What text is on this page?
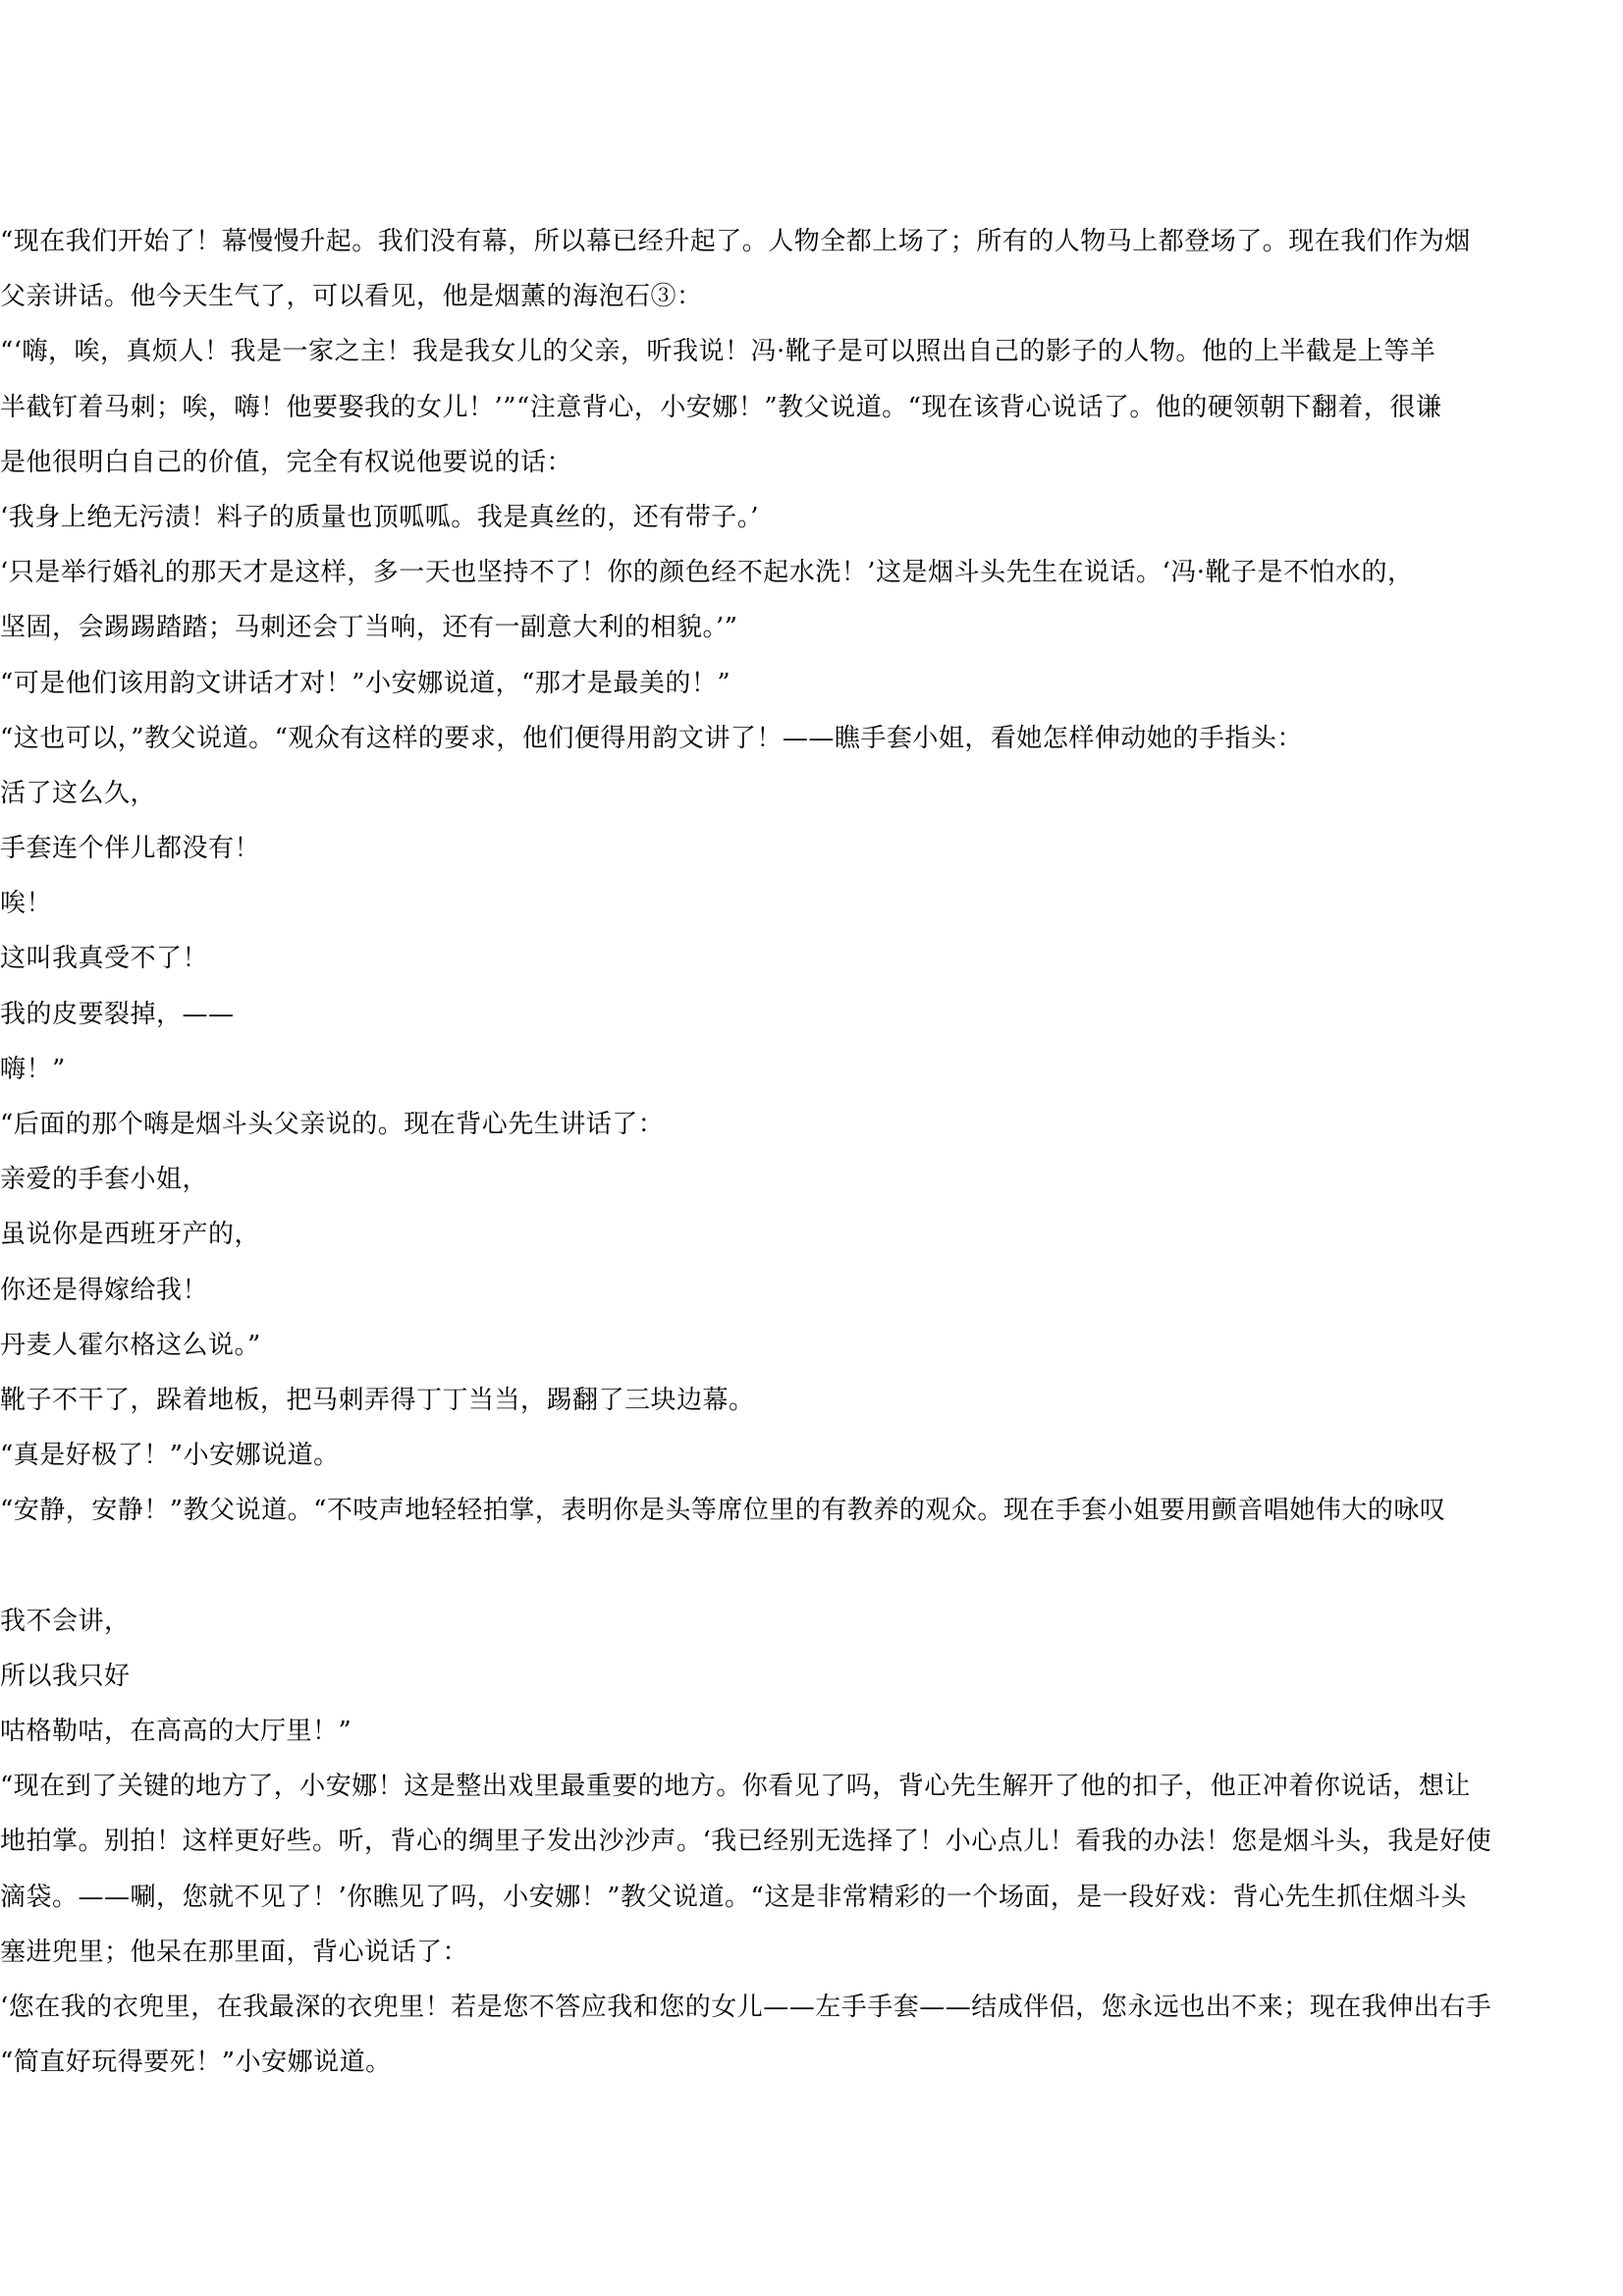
“现在我们开始了！幕慢慢升起。我们没有幕，所以幕已经升起了。人物全都上场了；所有的人物马上都登场了。现在我们作为烟
父亲讲话。他今天生气了，可以看见，他是烟薰的海泡石③：
“‘嗨，唉，真烦人！我是一家之主！我是我女儿的父亲，听我说！冯·靴子是可以照出自己的影子的人物。他的上半截是上等羊
半截钉着马刺；唉，嗨！他要娶我的女儿！’”“注意背心，小安娜！”教父说道。“现在该背心说话了。他的硬领朝下翻着，很谦
是他很明白自己的价值，完全有权说他要说的话：
‘我身上绝无污渍！料子的质量也顶呱呱。我是真丝的，还有带子。’
‘只是举行婚礼的那天才是这样，多一天也坚持不了！你的颜色经不起水洗！’这是烟斗头先生在说话。‘冯·靴子是不怕水的，
坚固，会踢踢踏踏；马刺还会丁当响，还有一副意大利的相貌。’”
“可是他们该用韵文讲话才对！”小安娜说道，“那才是最美的！”
“这也可以，”教父说道。“观众有这样的要求，他们便得用韵文讲了！——瞧手套小姐，看她怎样伸动她的手指头：
活了这么久，
手套连个伴儿都没有！
唉！
这叫我真受不了！
我的皮要裂掉，——
嗨！”
“后面的那个嗨是烟斗头父亲说的。现在背心先生讲话了：
亲爱的手套小姐，
虽说你是西班牙产的，
你还是得嫁给我！
丹麦人霍尔格这么说。”
靴子不干了，跺着地板，把马刺弄得丁丁当当，踢翻了三块边幕。
“真是好极了！”小安娜说道。
“安静，安静！”教父说道。“不吱声地轻轻拍掌，表明你是头等席位里的有教养的观众。现在手套小姐要用颤音唱她伟大的咏叹
我不会讲，
所以我只好
咕格勒咕，在高高的大厅里！”
“现在到了关键的地方了，小安娜！这是整出戏里最重要的地方。你看见了吗，背心先生解开了他的扣子，他正冲着你说话，想让
地拍掌。别拍！这样更好些。听，背心的绸里子发出沙沙声。‘我已经别无选择了！小心点儿！看我的办法！您是烟斗头，我是好使
滴袋。——唰，您就不见了！’你瞧见了吗，小安娜！”教父说道。“这是非常精彩的一个场面，是一段好戏：背心先生抓住烟斗头
塞进兜里；他呆在那里面，背心说话了：
‘您在我的衣兜里，在我最深的衣兜里！若是您不答应我和您的女儿——左手手套——结成伴侣，您永远也出不来；现在我伸出右手
“简直好玩得要死！”小安娜说道。
